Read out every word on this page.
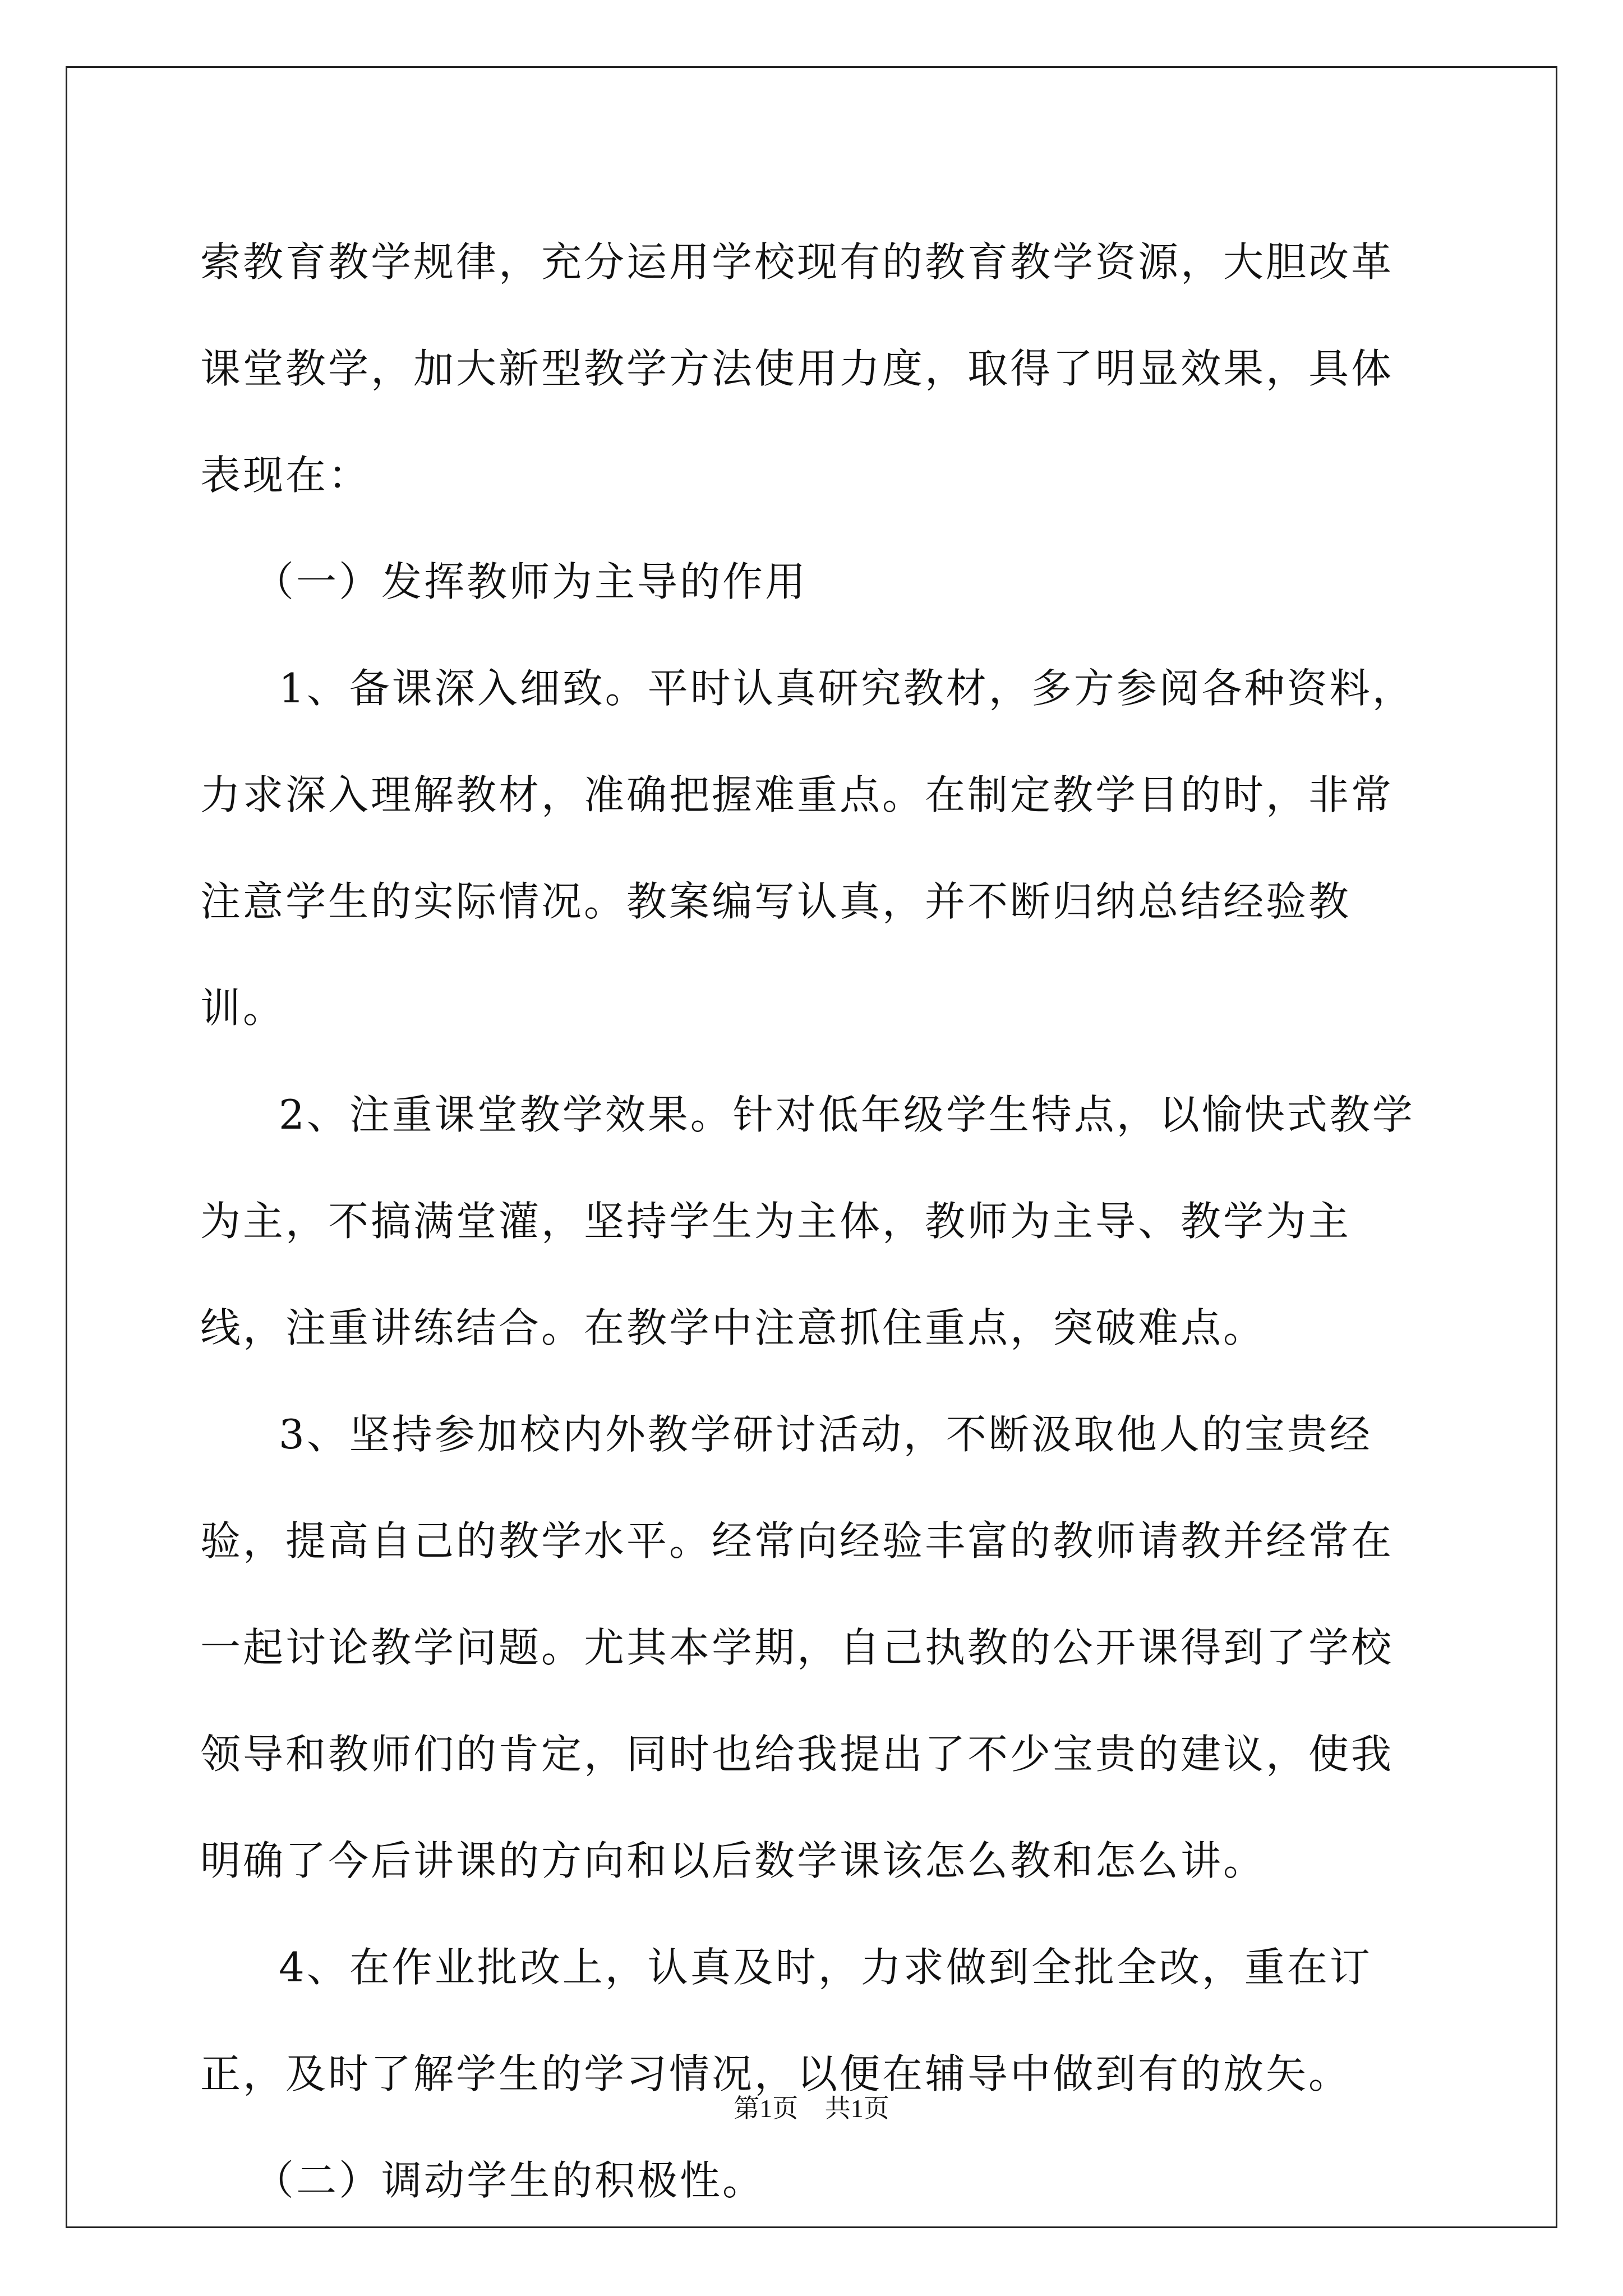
索教育教学规律，充分运用学校现有的教育教学资源，大胆改革课堂教学，加大新型教学方法使用力度，取得了明显效果，具体表现在：

（一）发挥教师为主导的作用

1、备课深入细致。平时认真研究教材，多方参阅各种资料，力求深入理解教材，准确把握难重点。在制定教学目的时，非常注意学生的实际情况。教案编写认真，并不断归纳总结经验教训。

2、注重课堂教学效果。针对低年级学生特点，以愉快式教学为主，不搞满堂灌，坚持学生为主体，教师为主导、教学为主线，注重讲练结合。在教学中注意抓住重点，突破难点。

3、坚持参加校内外教学研讨活动，不断汲取他人的宝贵经验，提高自己的教学水平。经常向经验丰富的教师请教并经常在一起讨论教学问题。尤其本学期，自己执教的公开课得到了学校领导和教师们的肯定，同时也给我提出了不少宝贵的建议，使我明确了今后讲课的方向和以后数学课该怎么教和怎么讲。

4、在作业批改上，认真及时，力求做到全批全改，重在订正，及时了解学生的学习情况，以便在辅导中做到有的放矢。

（二）调动学生的积极性。

第1页 共1页
